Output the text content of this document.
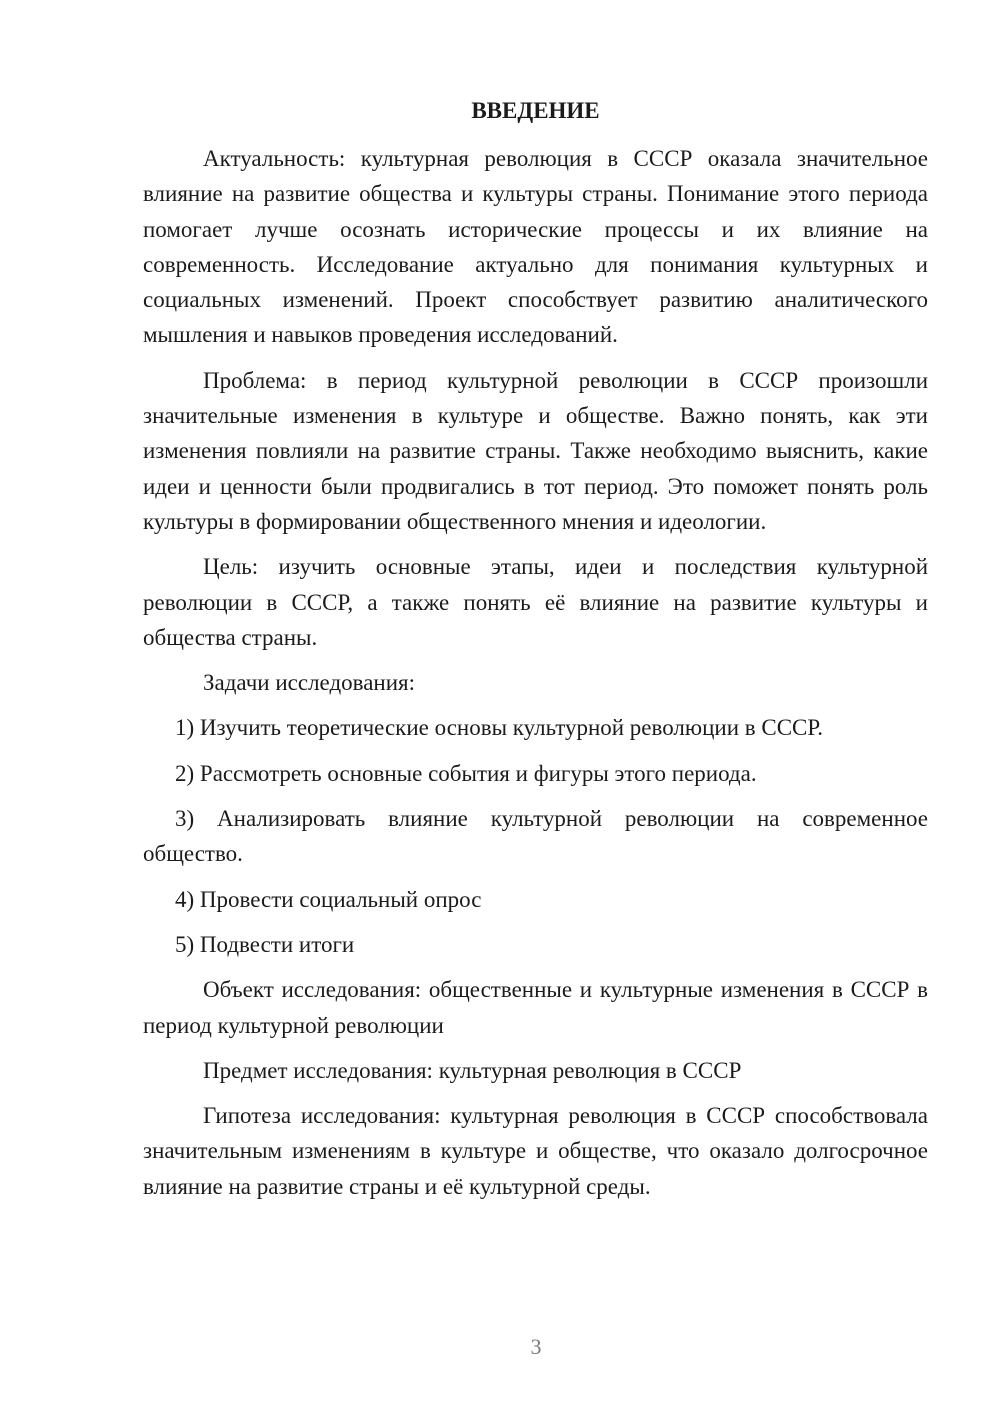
ВВЕДЕНИЕ

Актуальность: культурная революция в СССР оказала значительное влияние на развитие общества и культуры страны. Понимание этого периода помогает лучше осознать исторические процессы и их влияние на современность. Исследование актуально для понимания культурных и социальных изменений. Проект способствует развитию аналитического мышления и навыков проведения исследований.

Проблема: в период культурной революции в СССР произошли значительные изменения в культуре и обществе. Важно понять, как эти изменения повлияли на развитие страны. Также необходимо выяснить, какие идеи и ценности были продвигались в тот период. Это поможет понять роль культуры в формировании общественного мнения и идеологии.

Цель: изучить основные этапы, идеи и последствия культурной революции в СССР, а также понять её влияние на развитие культуры и общества страны.

Задачи исследования:

1) Изучить теоретические основы культурной революции в СССР.

2) Рассмотреть основные события и фигуры этого периода.

3) Анализировать влияние культурной революции на современное общество.

4) Провести социальный опрос

5) Подвести итоги

Объект исследования: общественные и культурные изменения в СССР в период культурной революции

Предмет исследования: культурная революция в СССР

Гипотеза исследования: культурная революция в СССР способствовала значительным изменениям в культуре и обществе, что оказало долгосрочное влияние на развитие страны и её культурной среды.

3
